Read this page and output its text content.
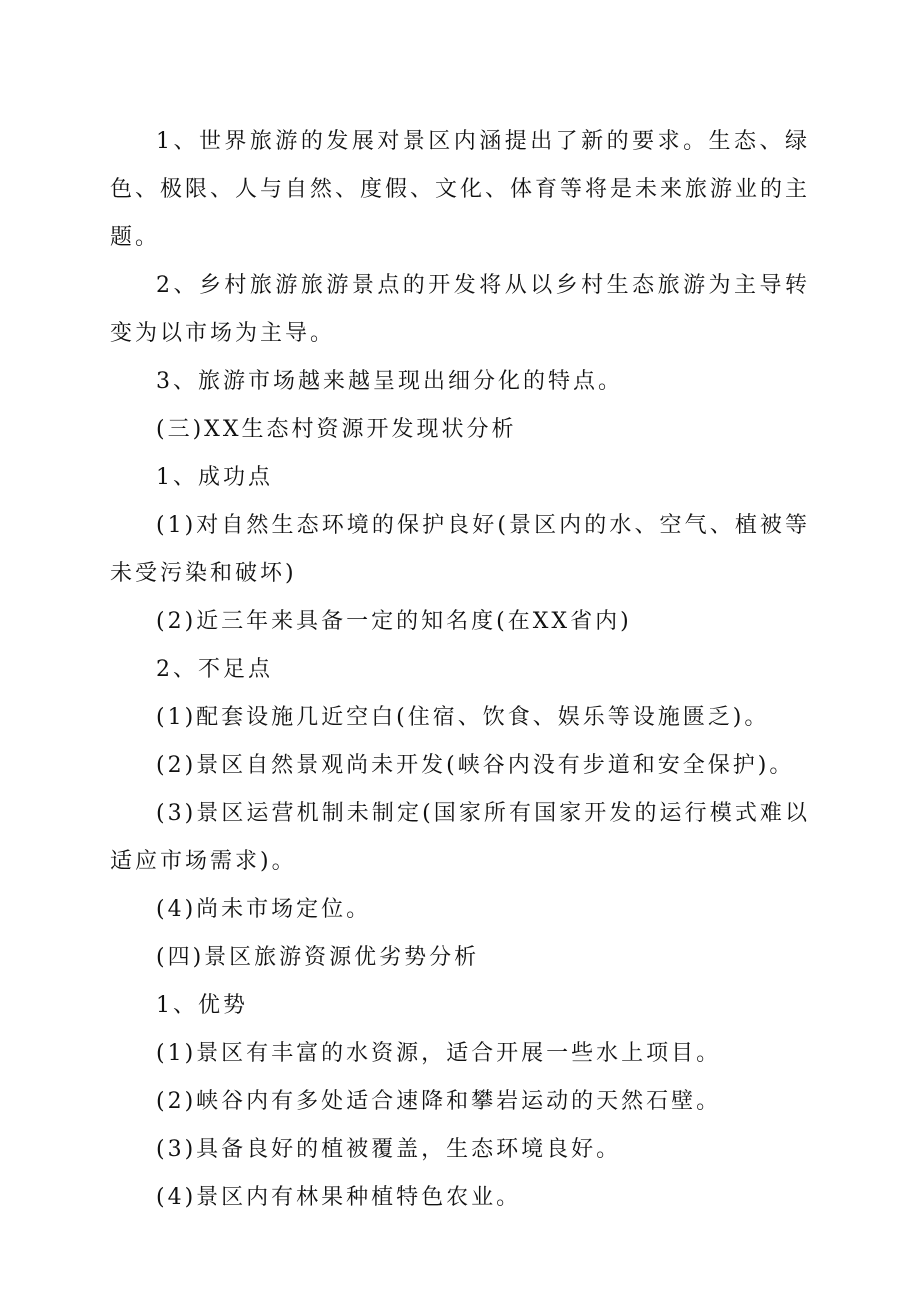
1、世界旅游的发展对景区内涵提出了新的要求。生态、绿色、极限、人与自然、度假、文化、体育等将是未来旅游业的主题。

2、乡村旅游旅游景点的开发将从以乡村生态旅游为主导转变为以市场为主导。

3、旅游市场越来越呈现出细分化的特点。

(三)XX生态村资源开发现状分析

1、成功点

(1)对自然生态环境的保护良好(景区内的水、空气、植被等未受污染和破坏)

(2)近三年来具备一定的知名度(在XX省内)

2、不足点

(1)配套设施几近空白(住宿、饮食、娱乐等设施匮乏)。

(2)景区自然景观尚未开发(峡谷内没有步道和安全保护)。

(3)景区运营机制未制定(国家所有国家开发的运行模式难以适应市场需求)。

(4)尚未市场定位。

(四)景区旅游资源优劣势分析

1、优势

(1)景区有丰富的水资源，适合开展一些水上项目。

(2)峡谷内有多处适合速降和攀岩运动的天然石壁。

(3)具备良好的植被覆盖，生态环境良好。

(4)景区内有林果种植特色农业。
